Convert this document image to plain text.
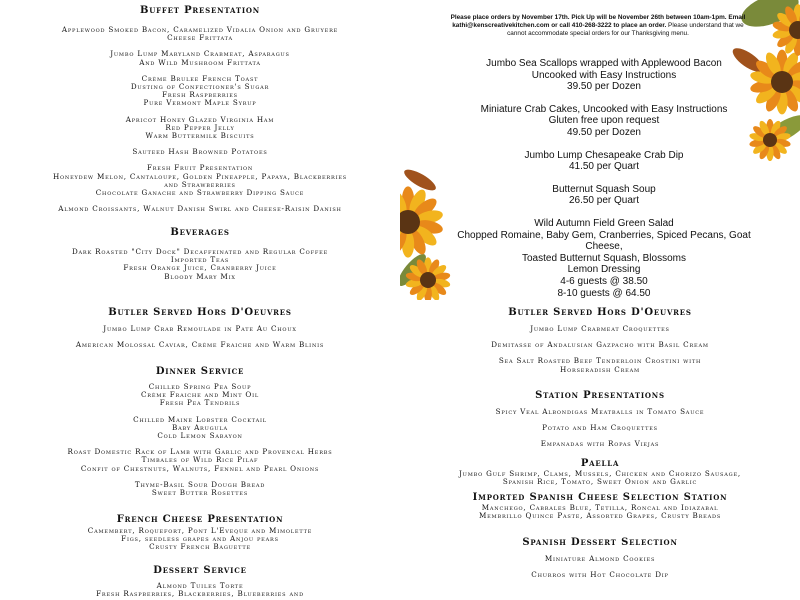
Buffet Presentation
Applewood Smoked Bacon, Caramelized Vidalia Onion and Gruyere
Cheese Frittata
Jumbo Lump Maryland Crabmeat, Asparagus
And Wild Mushroom Frittata
Crème Brulee French Toast
Dusting of Confectioner's Sugar
Fresh Raspberries
Pure Vermont Maple Syrup
Apricot Honey Glazed Virginia Ham
Red Pepper Jelly
Warm Buttermilk Biscuits
Sauteed Hash Browned Potatoes
Fresh Fruit Presentation
Honeydew Melon, Cantaloupe, Golden Pineapple, Papaya, Blackberries
and Strawberries
Chocolate Ganache and Strawberry Dipping Sauce
Almond Croissants, Walnut Danish Swirl and Cheese-Raisin Danish
Beverages
Dark Roasted "City Dock" Decaffeinated and Regular Coffee
Imported Teas
Fresh Orange Juice, Cranberry Juice
Bloody Mary Mix
Butler Served Hors D'Oeuvres
Jumbo Lump Crab Remoulade in Pate Au Choux
American Molossal Caviar, Crème Fraiche and Warm Blinis
Dinner Service
Chilled Spring Pea Soup
Crème Fraiche and Mint Oil
Fresh Pea Tendrils
Chilled Maine Lobster Cocktail
Baby Arugula
Cold Lemon Sabayon
Roast Domestic Rack of Lamb with Garlic and Provencal Herbs
Timbales of Wild Rice Pilaf
Confit of Chestnuts, Walnuts, Fennel and Pearl Onions
Thyme-Basil Sour Dough Bread
Sweet Butter Rosettes
French Cheese Presentation
Camembert, Roquefort, Pont L'Eveque and Mimolette
Figs, seedless grapes and Anjou pears
Crusty French Baguette
Dessert Service
Almond Tuiles Torte
Fresh Raspberries, Blackberries, Blueberries and
Please place orders by November 17th. Pick Up will be November 26th between 10am-1pm. Email kathi@kenscreativekitchen.com or call 410-268-3222 to place an order. Please understand that we cannot accommodate special orders for our Thanksgiving menu.
Jumbo Sea Scallops wrapped with Applewood Bacon
Uncooked with Easy Instructions
39.50 per Dozen
Miniature Crab Cakes, Uncooked with Easy Instructions
Gluten free upon request
49.50 per Dozen
Jumbo Lump Chesapeake Crab Dip
41.50 per Quart
Butternut Squash Soup
26.50 per Quart
Wild Autumn Field Green Salad
Chopped Romaine, Baby Gem, Cranberries, Spiced Pecans, Goat Cheese,
Toasted Butternut Squash, Blossoms
Lemon Dressing
4-6 guests @ 38.50
8-10 guests @ 64.50
Butler Served Hors D'Oeuvres
Jumbo Lump Crabmeat Croquettes
Demitasse of Andalusian Gazpacho with Basil Cream
Sea Salt Roasted Beef Tenderloin Crostini with
Horseradish Cream
Station Presentations
Spicy Veal Albondigas Meatballs in Tomato Sauce
Potato and Ham Croquettes
Empanadas with Ropas Viejas
Paella
Jumbo Gulf Shrimp, Clams, Mussels, Chicken and Chorizo Sausage,
Spanish Rice, Tomato, Sweet Onion and Garlic
Imported Spanish Cheese Selection Station
Manchego, Cabrales Blue, Tetilla, Roncal and Idiazabal
Membrillo Quince Paste, Assorted Grapes, Crusty Breads
Spanish Dessert Selection
Miniature Almond Cookies
Churros with Hot Chocolate Dip
